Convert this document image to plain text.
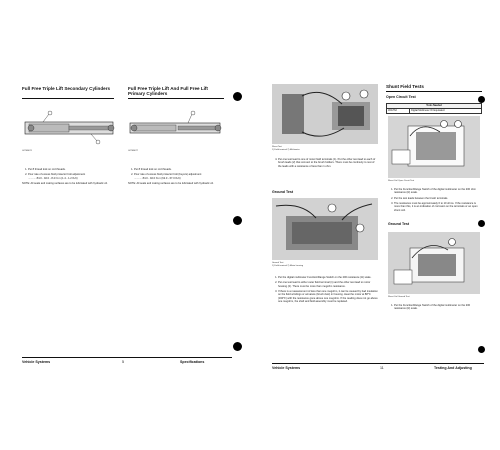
Full Free Triple Lift Secondary Cylinders
G276B071
1. Put 8 thread lock on rod threads.
2. Pour rate of excess fluid protector bolt adjustment
........... 84.0 - 92.0 - 8.4 N·m (1.4 - 1.2 lb-ft)
NOTE: All seals and mating surfaces are to be lubricated with hydraulic oil.
Full Free Triple Lift And Full Free Lift Primary Cylinders
G276B077
1. Put 8 thread lock on rod threads.
2. Pour rate of excess fluid protector bolt (buyers) adjustment
........... 84.0 - 92.0 N·m (62.0 - 67.0 lb-ft)
NOTE: All seals and mating surfaces are to be lubricated with hydraulic oil.
Vehicle Systems	5	Specifications
Shunt Test
1) Field terminal 2) Multimeter
4. Put one test lead to one of motor field terminals (1). Put the other test lead to each of brush leads (2) that connect to the brush holders. There must be continuity to rest of the leads with a resistance of less than 1 ohm.
Ground Test
Ground Test
1) Field terminal 2) Motor housing
1. Put the digital multimeter Function/Range Switch on the 200 resistance (Ω) scale.
2. Put one test lead to either outer field terminal (1) and the other test lead to motor housing (2). There must be more than megohm resistance.
3. If there is a measurement of less than one megohm, it can be caused by bad insulation on the field windings or armature (brush dust) in housing. Heat the motor at 88°C (190°F) with the resistance gone above one megohm. If the reading does not go above one megohm, the shell and field assembly must be replaced.
Shunt Field Tests
Open Circuit Test
Tools Needed
JDG762	Digital Multimeter Or Equivalent
Shunt Coil Open Circuit Test
1. Put the Function/Range Switch of the digital multimeter on the 200 ohm resistance (Ω) scale.
2. Put the test leads between the brush terminals.
3. The resistance must be approximately 6 to 10 ohms. If the resistance is more than this, it is an indication of corrosion on the terminals or an open shunt coil.
Ground Test
Shunt Coil Ground Test
1. Put the Function/Range Switch of the digital multimeter on the 200 resistance (Ω) scale.
Vehicle Systems	11	Testing And Adjusting
